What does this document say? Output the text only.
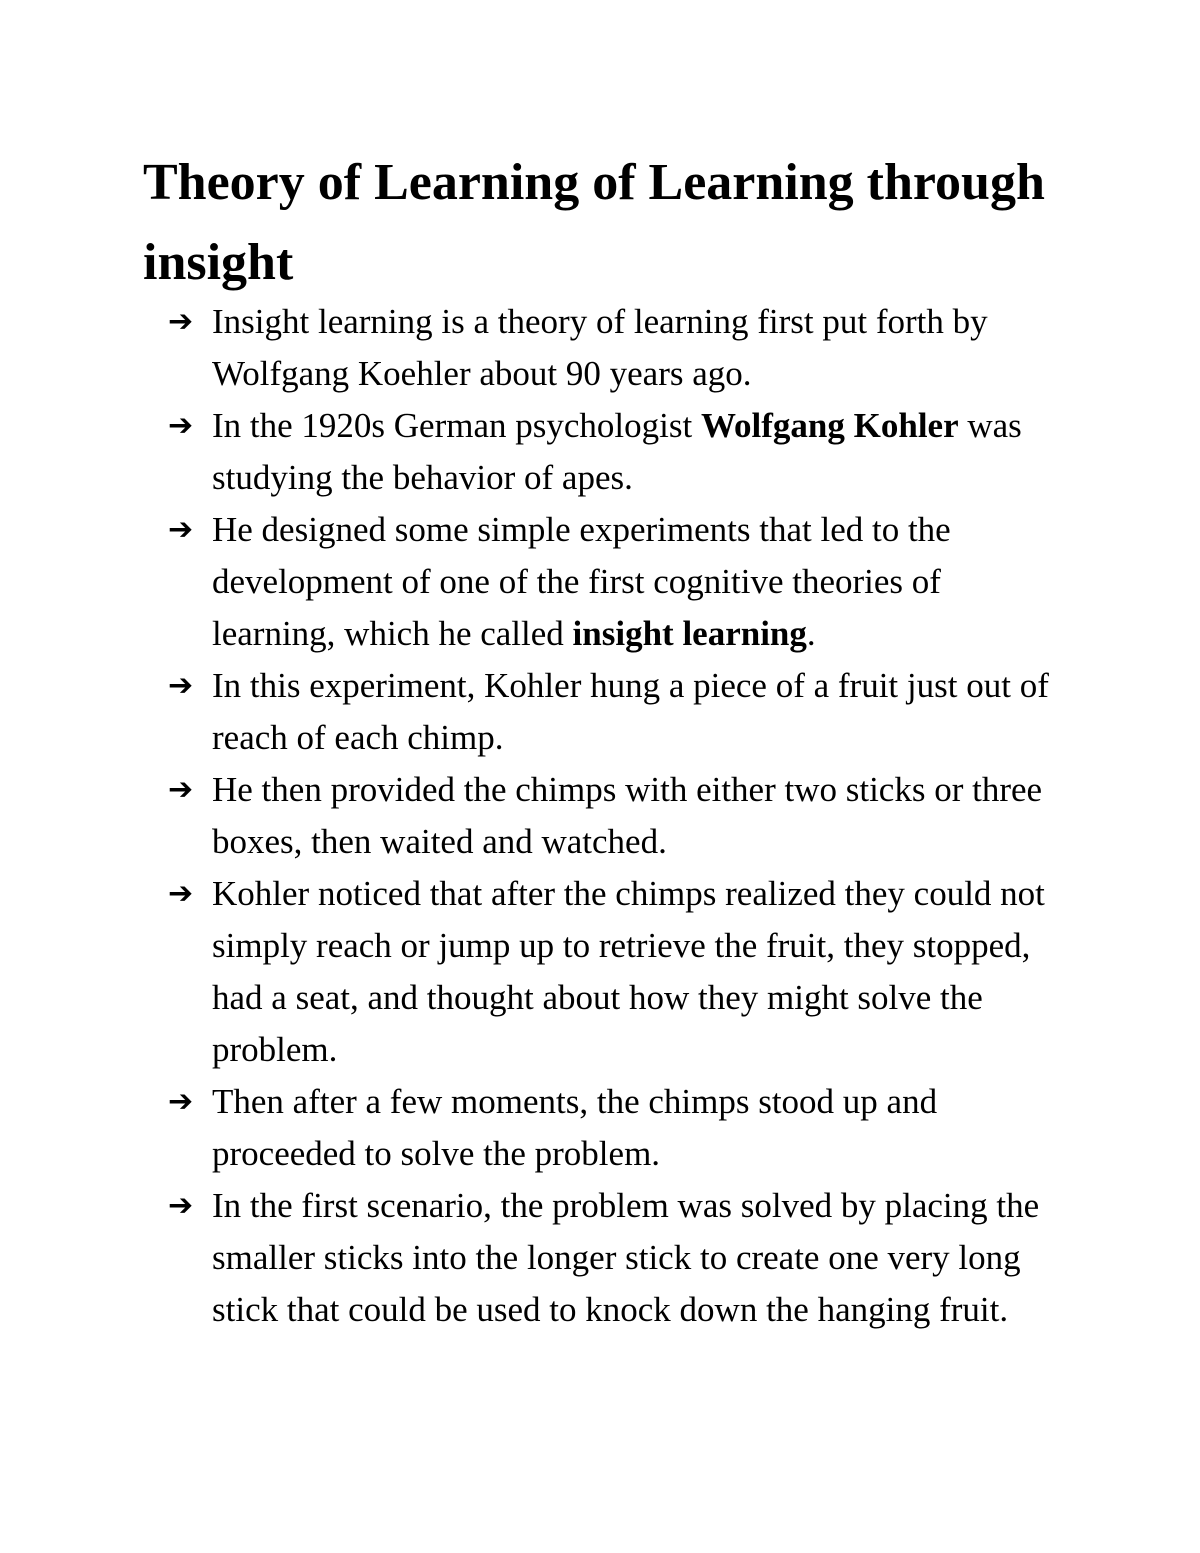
Theory of Learning of Learning through insight
➔ Insight learning is a theory of learning first put forth by Wolfgang Koehler about 90 years ago.
➔ In the 1920s German psychologist Wolfgang Kohler was studying the behavior of apes.
➔ He designed some simple experiments that led to the development of one of the first cognitive theories of learning, which he called insight learning.
➔ In this experiment, Kohler hung a piece of a fruit just out of reach of each chimp.
➔ He then provided the chimps with either two sticks or three boxes, then waited and watched.
➔ Kohler noticed that after the chimps realized they could not simply reach or jump up to retrieve the fruit, they stopped, had a seat, and thought about how they might solve the problem.
➔ Then after a few moments, the chimps stood up and proceeded to solve the problem.
➔ In the first scenario, the problem was solved by placing the smaller sticks into the longer stick to create one very long stick that could be used to knock down the hanging fruit.
